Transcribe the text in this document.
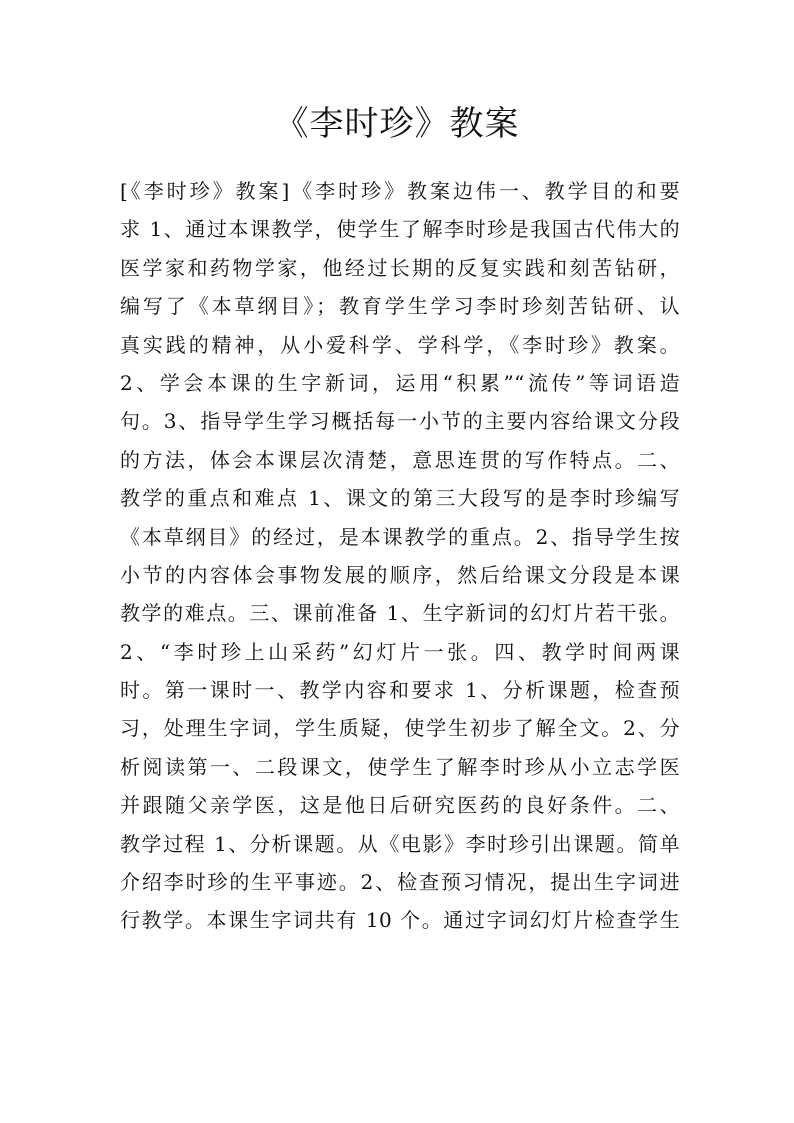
《李时珍》教案
[《李时珍》教案]《李时珍》教案边伟一、教学目的和要
求 1、通过本课教学，使学生了解李时珍是我国古代伟大的
医学家和药物学家，他经过长期的反复实践和刻苦钻研，
编写了《本草纲目》；教育学生学习李时珍刻苦钻研、认
真实践的精神，从小爱科学、学科学，《李时珍》教案。
2、学会本课的生字新词，运用“积累”“流传”等词语造
句。3、指导学生学习概括每一小节的主要内容给课文分段
的方法，体会本课层次清楚，意思连贯的写作特点。二、
教学的重点和难点 1、课文的第三大段写的是李时珍编写
《本草纲目》的经过，是本课教学的重点。2、指导学生按
小节的内容体会事物发展的顺序，然后给课文分段是本课
教学的难点。三、课前准备 1、生字新词的幻灯片若干张。
2、“李时珍上山采药”幻灯片一张。四、教学时间两课
时。第一课时一、教学内容和要求 1、分析课题，检查预
习，处理生字词，学生质疑，使学生初步了解全文。2、分
析阅读第一、二段课文，使学生了解李时珍从小立志学医
并跟随父亲学医，这是他日后研究医药的良好条件。二、
教学过程 1、分析课题。从《电影》李时珍引出课题。简单
介绍李时珍的生平事迹。2、检查预习情况，提出生字词进
行教学。本课生字词共有 10 个。通过字词幻灯片检查学生
